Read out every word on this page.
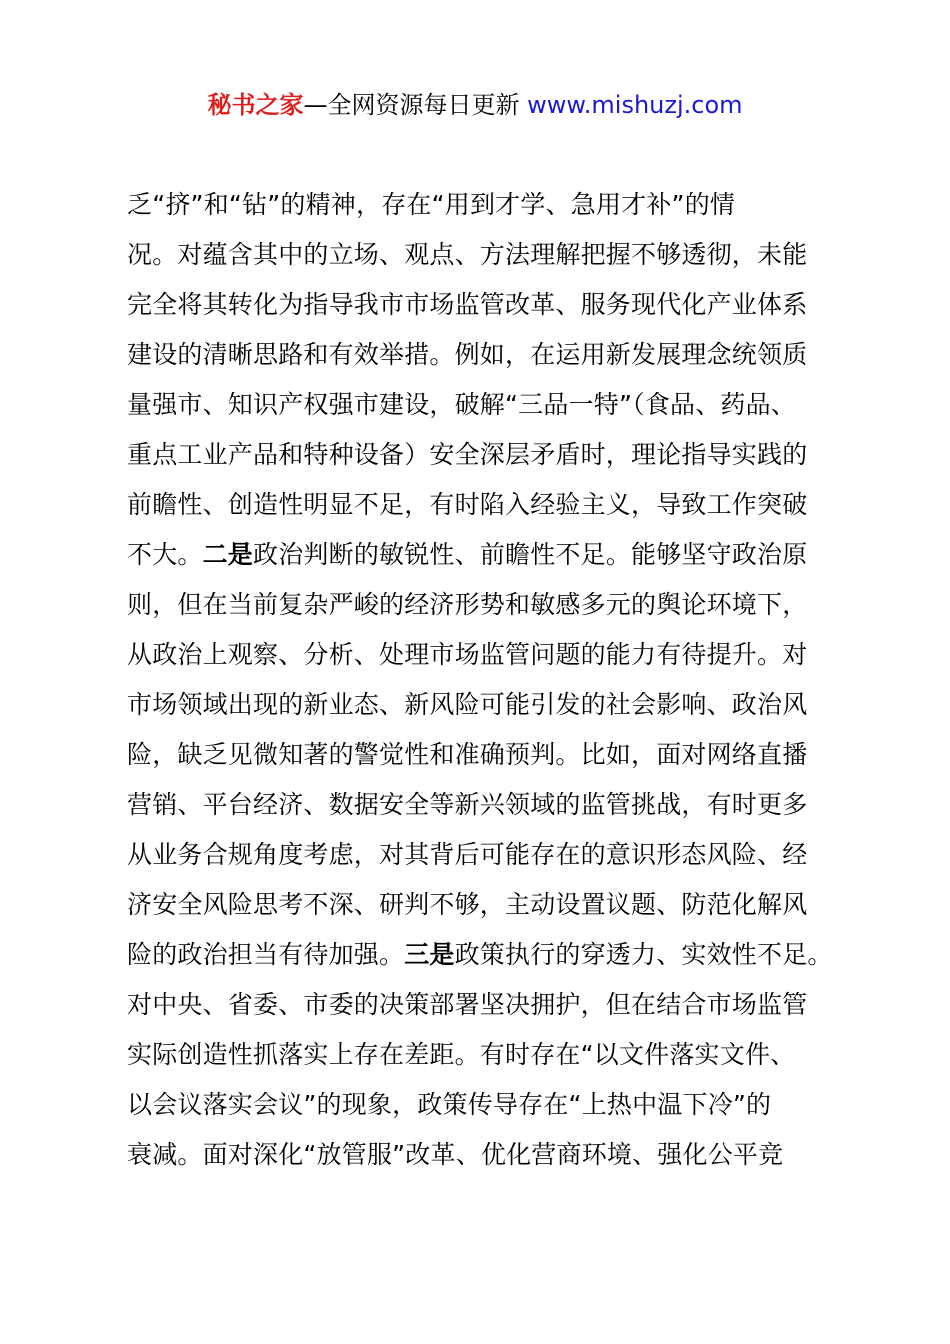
秘书之家—全网资源每日更新 www.mishuzj.com
乏“挤”和“钻”的精神，存在“用到才学、急用才补”的情
况。对蕴含其中的立场、观点、方法理解把握不够透彻，未能
完全将其转化为指导我市市场监管改革、服务现代化产业体系
建设的清晰思路和有效举措。例如，在运用新发展理念统领质
量强市、知识产权强市建设，破解“三品一特”（食品、药品、
重点工业产品和特种设备）安全深层矛盾时，理论指导实践的
前瞻性、创造性明显不足，有时陷入经验主义，导致工作突破
不大。二是政治判断的敏锐性、前瞻性不足。能够坚守政治原
则，但在当前复杂严峻的经济形势和敏感多元的舆论环境下，
从政治上观察、分析、处理市场监管问题的能力有待提升。对
市场领域出现的新业态、新风险可能引发的社会影响、政治风
险，缺乏见微知著的警觉性和准确预判。比如，面对网络直播
营销、平台经济、数据安全等新兴领域的监管挑战，有时更多
从业务合规角度考虑，对其背后可能存在的意识形态风险、经
济安全风险思考不深、研判不够，主动设置议题、防范化解风
险的政治担当有待加强。三是政策执行的穿透力、实效性不足。
对中央、省委、市委的决策部署坚决拥护，但在结合市场监管
实际创造性抓落实上存在差距。有时存在“以文件落实文件、
以会议落实会议”的现象，政策传导存在“上热中温下冷”的
衰减。面对深化“放管服”改革、优化营商环境、强化公平竞
